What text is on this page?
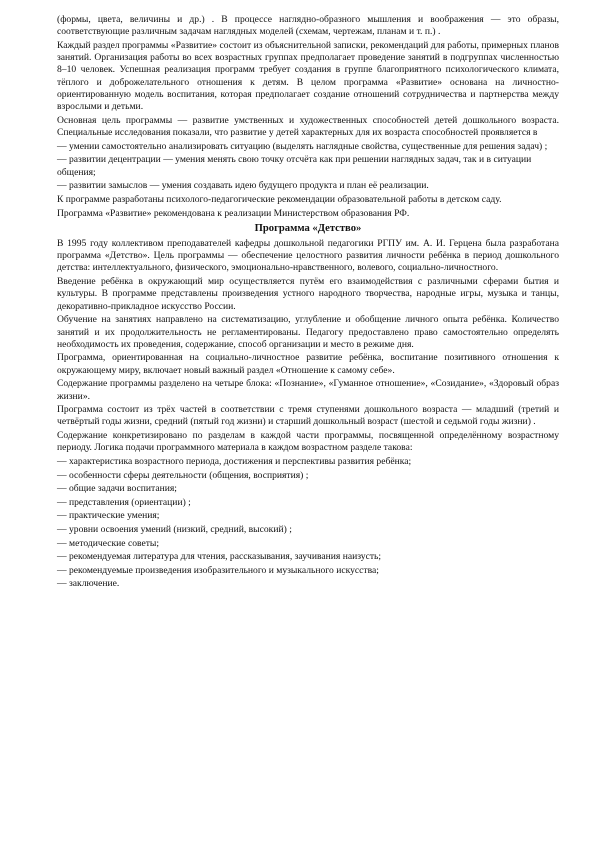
(формы, цвета, величины и др.) . В процессе наглядно-образного мышления и воображения — это образы, соответствующие различным задачам наглядных моделей (схемам, чертежам, планам и т. п.) .

Каждый раздел программы «Развитие» состоит из объяснительной записки, рекомендаций для работы, примерных планов занятий. Организация работы во всех возрастных группах предполагает проведение занятий в подгруппах численностью 8–10 человек. Успешная реализация программ требует создания в группе благоприятного психологического климата, тёплого и доброжелательного отношения к детям. В целом программа «Развитие» основана на личностно-ориентированную модель воспитания, которая предполагает создание отношений сотрудничества и партнерства между взрослыми и детьми.

Основная цель программы — развитие умственных и художественных способностей детей дошкольного возраста. Специальные исследования показали, что развитие у детей характерных для их возраста способностей проявляется в

— умении самостоятельно анализировать ситуацию (выделять наглядные свойства, существенные для решения задач) ;

— развитии децентрации — умения менять свою точку отсчёта как при решении наглядных задач, так и в ситуации общения;

— развитии замыслов — умения создавать идею будущего продукта и план её реализации.

К программе разработаны психолого-педагогические рекомендации образовательной работы в детском саду.

Программа «Развитие» рекомендована к реализации Министерством образования РФ.

Программа «Детство»

В 1995 году коллективом преподавателей кафедры дошкольной педагогики РГПУ им. А. И. Герцена была разработана программа «Детство». Цель программы — обеспечение целостного развития личности ребёнка в период дошкольного детства: интеллектуального, физического, эмоционально-нравственного, волевого, социально-личностного.

Введение ребёнка в окружающий мир осуществляется путём его взаимодействия с различными сферами бытия и культуры. В программе представлены произведения устного народного творчества, народные игры, музыка и танцы, декоративно-прикладное искусство России.

Обучение на занятиях направлено на систематизацию, углубление и обобщение личного опыта ребёнка. Количество занятий и их продолжительность не регламентированы. Педагогу предоставлено право самостоятельно определять необходимость их проведения, содержание, способ организации и место в режиме дня.

Программа, ориентированная на социально-личностное развитие ребёнка, воспитание позитивного отношения к окружающему миру, включает новый важный раздел «Отношение к самому себе».

Содержание программы разделено на четыре блока: «Познание», «Гуманное отношение», «Созидание», «Здоровый образ жизни».

Программа состоит из трёх частей в соответствии с тремя ступенями дошкольного возраста — младший (третий и четвёртый годы жизни, средний (пятый год жизни) и старший дошкольный возраст (шестой и седьмой годы жизни) .

Содержание конкретизировано по разделам в каждой части программы, посвященной определённому возрастному периоду. Логика подачи программного материала в каждом возрастном разделе такова:

— характеристика возрастного периода, достижения и перспективы развития ребёнка;

— особенности сферы деятельности (общения, восприятия) ;

— общие задачи воспитания;

— представления (ориентации) ;

— практические умения;

— уровни освоения умений (низкий, средний, высокий) ;

— методические советы;

— рекомендуемая литература для чтения, рассказывания, заучивания наизусть;

— рекомендуемые произведения изобразительного и музыкального искусства;

— заключение.
